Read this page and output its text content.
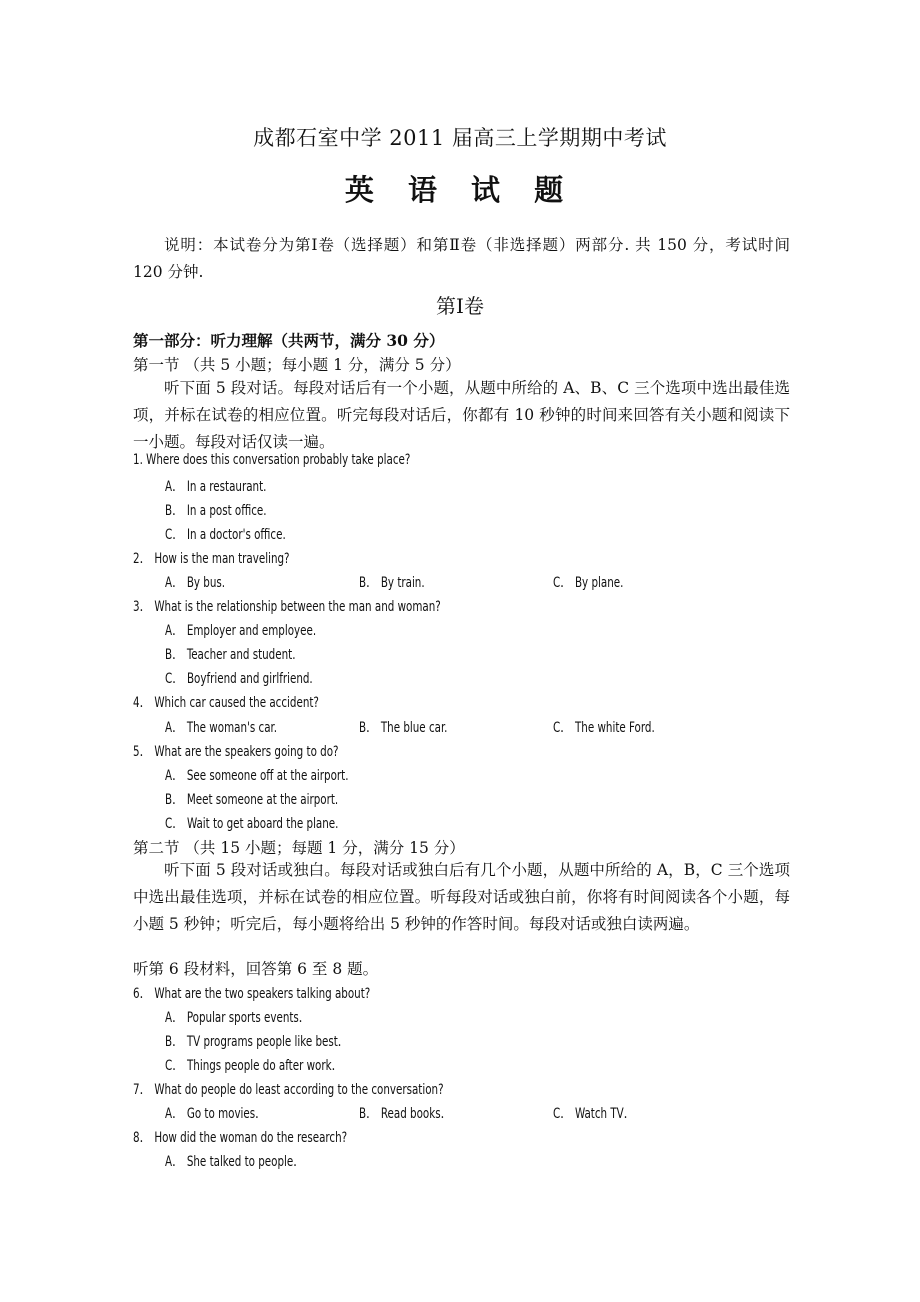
成都石室中学 2011 届高三上学期期中考试
英 语 试 题
说明：本试卷分为第Ⅰ卷（选择题）和第Ⅱ卷（非选择题）两部分. 共 150 分，考试时间 120 分钟.
第Ⅰ卷
第一部分：听力理解（共两节，满分 30 分）
第一节 （共 5 小题；每小题 1 分，满分 5 分）
听下面 5 段对话。每段对话后有一个小题，从题中所给的 A、B、C 三个选项中选出最佳选项，并标在试卷的相应位置。听完每段对话后，你都有 10 秒钟的时间来回答有关小题和阅读下一小题。每段对话仅读一遍。
1. Where does this conversation probably take place?
A． In a restaurant.
B． In a post office.
C． In a doctor's office.
2． How is the man traveling?
A． By bus.	B． By train.	C． By plane.
3． What is the relationship between the man and woman?
A． Employer and employee.
B． Teacher and student.
C． Boyfriend and girlfriend.
4． Which car caused the accident?
A． The woman's car.	B． The blue car.	C． The white Ford.
5． What are the speakers going to do?
A． See someone off at the airport.
B． Meet someone at the airport.
C． Wait to get aboard the plane.
第二节 （共 15 小题；每题 1 分，满分 15 分）
听下面 5 段对话或独白。每段对话或独白后有几个小题，从题中所给的 A，B，C 三个选项中选出最佳选项，并标在试卷的相应位置。听每段对话或独白前，你将有时间阅读各个小题，每小题 5 秒钟；听完后，每小题将给出 5 秒钟的作答时间。每段对话或独白读两遍。
听第 6 段材料，回答第 6 至 8 题。
6． What are the two speakers talking about?
A． Popular sports events．
B． TV programs people like best．
C． Things people do after work．
7． What do people do least according to the conversation?
A． Go to movies．	B． Read books．	C． Watch TV．
8． How did the woman do the research?
A． She talked to people．
